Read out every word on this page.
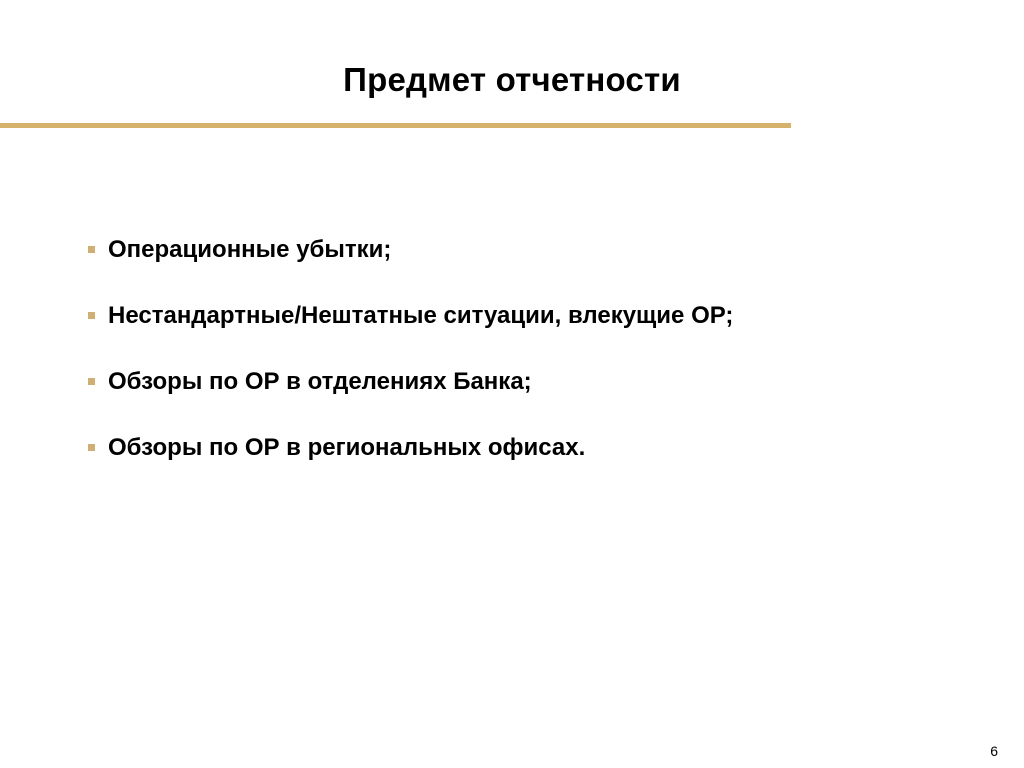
Предмет отчетности
Операционные убытки;
Нестандартные/Нештатные ситуации, влекущие ОР;
Обзоры по ОР в отделениях Банка;
Обзоры по ОР в региональных офисах.
6
